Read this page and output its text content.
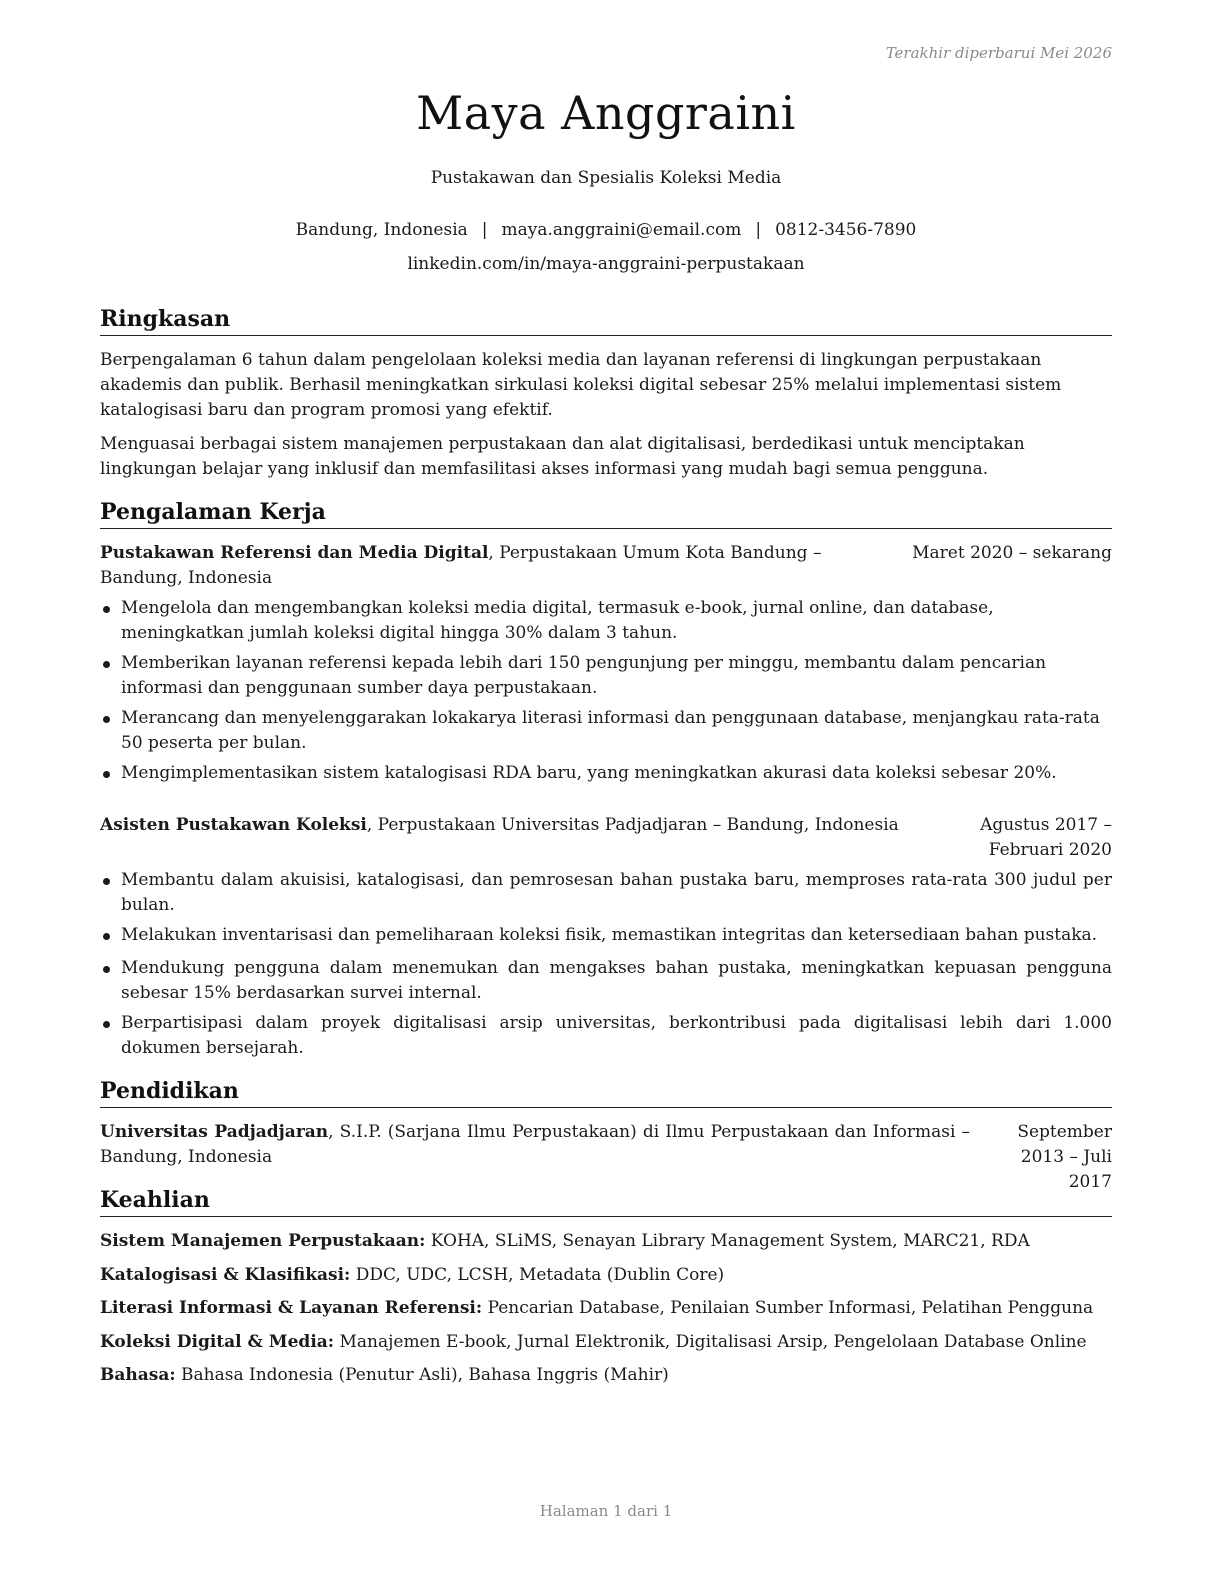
Terakhir diperbarui Mei 2026
Maya Anggraini
Pustakawan dan Spesialis Koleksi Media
Bandung, Indonesia | maya.anggraini@email.com | 0812-3456-7890
linkedin.com/in/maya-anggraini-perpustakaan
Ringkasan

Berpengalaman 6 tahun dalam pengelolaan koleksi media dan layanan referensi di lingkungan perpustakaan akademis dan publik. Berhasil meningkatkan sirkulasi koleksi digital sebesar 25% melalui implementasi sistem katalogisasi baru dan program promosi yang efektif.

Menguasai berbagai sistem manajemen perpustakaan dan alat digitalisasi, berdedikasi untuk menciptakan lingkungan belajar yang inklusif dan memfasilitasi akses informasi yang mudah bagi semua pengguna.

Pengalaman Kerja
Pustakawan Referensi dan Media Digital, Perpustakaan Umum Kota Bandung – Bandung, Indonesia
Maret 2020 – sekarang
Mengelola dan mengembangkan koleksi media digital, termasuk e-book, jurnal online, dan database, meningkatkan jumlah koleksi digital hingga 30% dalam 3 tahun.
Memberikan layanan referensi kepada lebih dari 150 pengunjung per minggu, membantu dalam pencarian informasi dan penggunaan sumber daya perpustakaan.
Merancang dan menyelenggarakan lokakarya literasi informasi dan penggunaan database, menjangkau rata-rata 50 peserta per bulan.
Mengimplementasikan sistem katalogisasi RDA baru, yang meningkatkan akurasi data koleksi sebesar 20%.
Asisten Pustakawan Koleksi, Perpustakaan Universitas Padjadjaran – Bandung, Indonesia	Agustus 2017 – Februari 2020
Membantu dalam akuisisi, katalogisasi, dan pemrosesan bahan pustaka baru, memproses rata-rata 300 judul per bulan.
Melakukan inventarisasi dan pemeliharaan koleksi fisik, memastikan integritas dan ketersediaan bahan pustaka.
Mendukung pengguna dalam menemukan dan mengakses bahan pustaka, meningkatkan kepuasan pengguna sebesar 15% berdasarkan survei internal.
Berpartisipasi dalam proyek digitalisasi arsip universitas, berkontribusi pada digitalisasi lebih dari 1.000 dokumen bersejarah.
Pendidikan
Universitas Padjadjaran, S.I.P. (Sarjana Ilmu Perpustakaan) di Ilmu Perpustakaan dan Informasi – Bandung, Indonesia
September 2013 – Juli 2017
Keahlian
Sistem Manajemen Perpustakaan: KOHA, SLiMS, Senayan Library Management System, MARC21, RDA
Katalogisasi & Klasifikasi: DDC, UDC, LCSH, Metadata (Dublin Core)
Literasi Informasi & Layanan Referensi: Pencarian Database, Penilaian Sumber Informasi, Pelatihan Pengguna
Koleksi Digital & Media: Manajemen E-book, Jurnal Elektronik, Digitalisasi Arsip, Pengelolaan Database Online
Bahasa: Bahasa Indonesia (Penutur Asli), Bahasa Inggris (Mahir)
Halaman 1 dari 1
